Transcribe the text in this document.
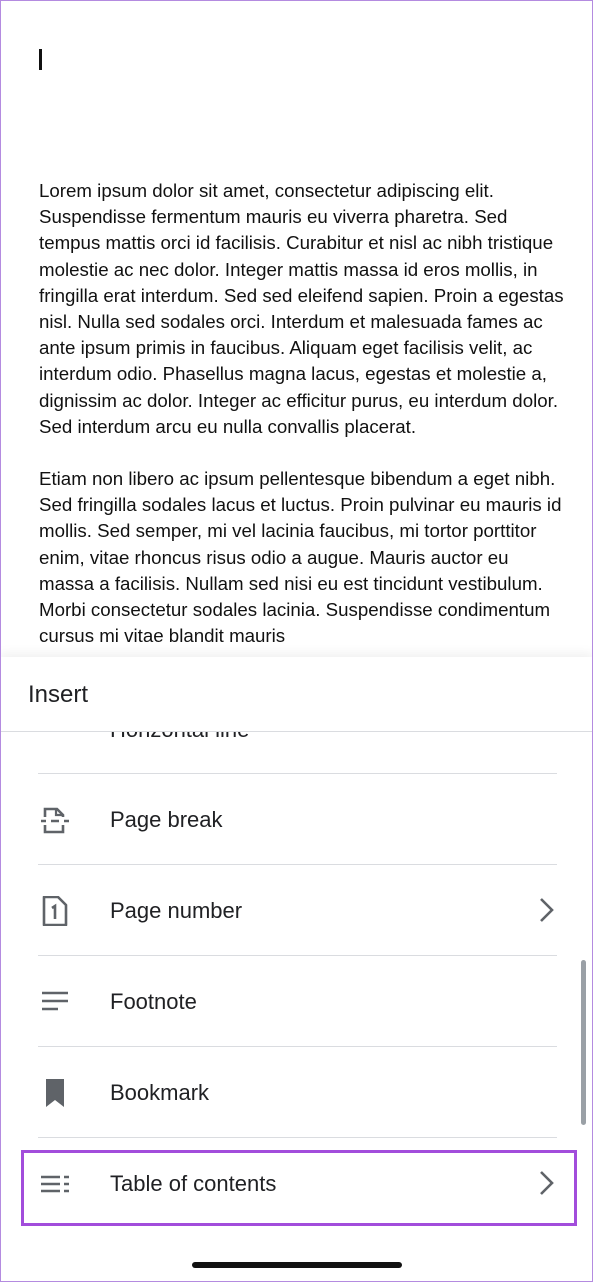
Lorem ipsum dolor sit amet, consectetur adipiscing elit. Suspendisse fermentum mauris eu viverra pharetra. Sed tempus mattis orci id facilisis. Curabitur et nisl ac nibh tristique molestie ac nec dolor. Integer mattis massa id eros mollis, in fringilla erat interdum. Sed sed eleifend sapien. Proin a egestas nisl. Nulla sed sodales orci. Interdum et malesuada fames ac ante ipsum primis in faucibus. Aliquam eget facilisis velit, ac interdum odio. Phasellus magna lacus, egestas et molestie a, dignissim ac dolor. Integer ac efficitur purus, eu interdum dolor. Sed interdum arcu eu nulla convallis placerat.

Etiam non libero ac ipsum pellentesque bibendum a eget nibh. Sed fringilla sodales lacus et luctus. Proin pulvinar eu mauris id mollis. Sed semper, mi vel lacinia faucibus, mi tortor porttitor enim, vitae rhoncus risus odio a augue. Mauris auctor eu massa a facilisis. Nullam sed nisi eu est tincidunt vestibulum. Morbi consectetur sodales lacinia. Suspendisse condimentum cursus mi vitae blandit mauris

Page break
Page number
Footnote
Bookmark
Table of contents
Insert
